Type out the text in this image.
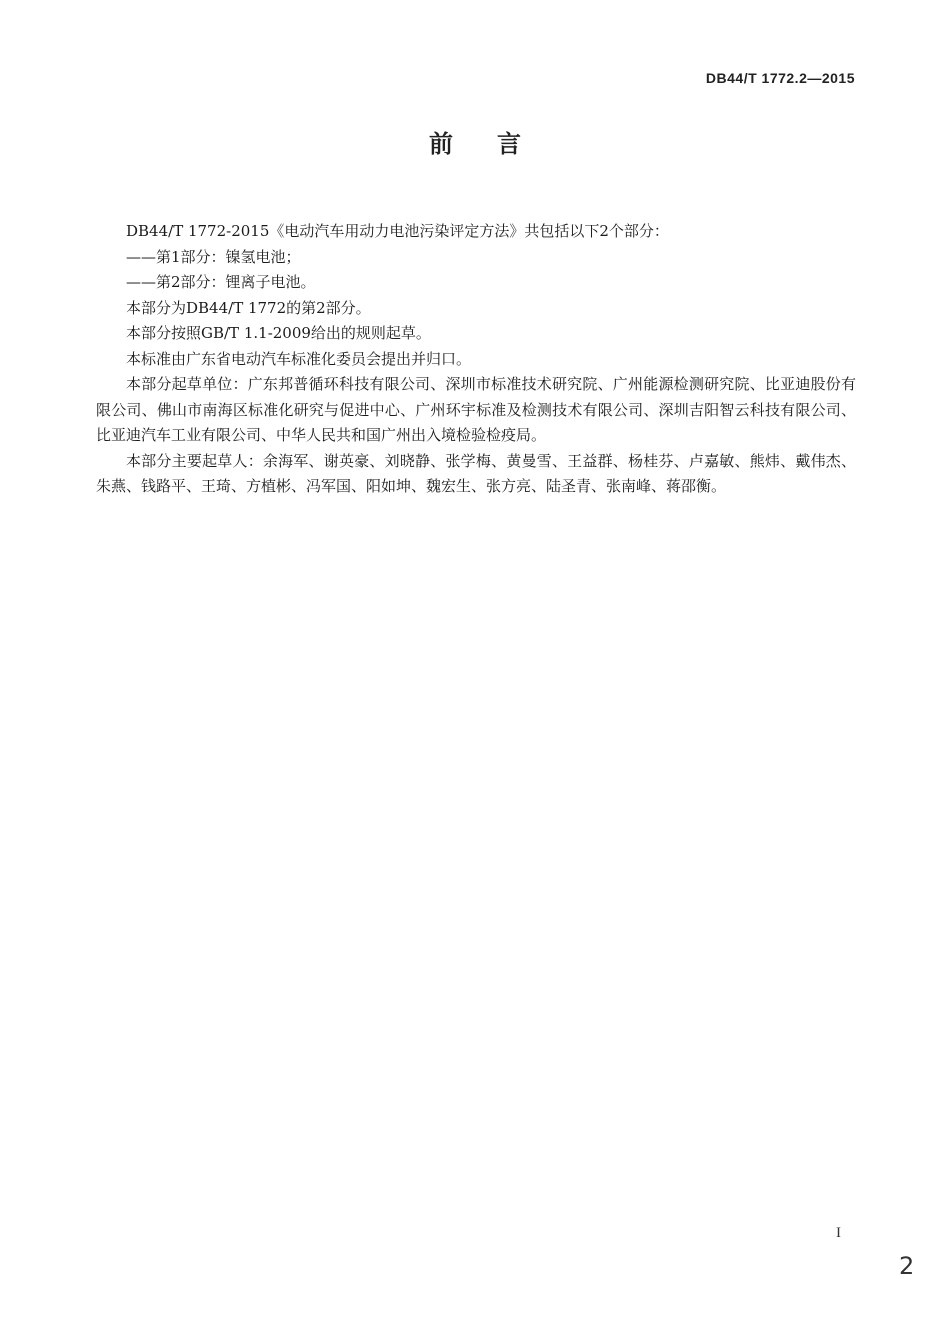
DB44/T 1772.2—2015
前言

DB44/T 1772-2015《电动汽车用动力电池污染评定方法》共包括以下2个部分：

——第1部分：镍氢电池；

——第2部分：锂离子电池。

本部分为DB44/T 1772的第2部分。

本部分按照GB/T 1.1-2009给出的规则起草。

本标准由广东省电动汽车标准化委员会提出并归口。

本部分起草单位：广东邦普循环科技有限公司、深圳市标准技术研究院、广州能源检测研究院、比亚迪股份有限公司、佛山市南海区标准化研究与促进中心、广州环宇标准及检测技术有限公司、深圳吉阳智云科技有限公司、比亚迪汽车工业有限公司、中华人民共和国广州出入境检验检疫局。

本部分主要起草人：余海军、谢英豪、刘晓静、张学梅、黄曼雪、王益群、杨桂芬、卢嘉敏、熊炜、戴伟杰、朱燕、钱路平、王琦、方植彬、冯军国、阳如坤、魏宏生、张方亮、陆圣青、张南峰、蒋邵衡。

I
2
